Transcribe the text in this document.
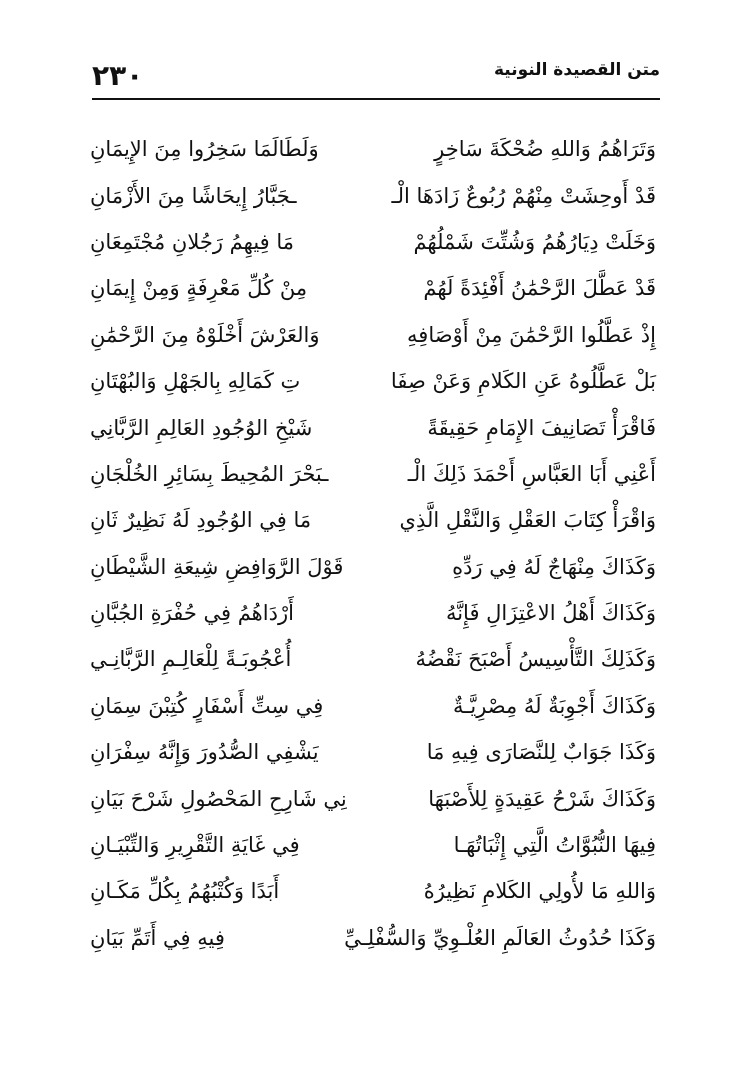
٢٣٠	متن القصيدة النونية
وَتَرَاهُمُ وَاللهِ ضُحْكَةَ سَاخِرٍ
وَلَطَالَمَا سَخِرُوا مِنَ الإِيمَانِ
قَدْ أَوحِشَتْ مِنْهُمْ رُبُوعٌ زَادَهَا الْـ
ـجَبَّارُ إِيحَاشًا مِنَ الأَزْمَانِ
وَخَلَتْ دِيَارُهُمُ وَشُتِّتَ شَمْلُهُمْ
مَا فِيهِمُ رَجُلانِ مُجْتَمِعَانِ
قَدْ عَطَّلَ الرَّحْمَٰنُ أَفْئِدَةً لَهُمْ
مِنْ كُلِّ مَعْرِفَةٍ وَمِنْ إِيمَانِ
إِذْ عَطَّلُوا الرَّحْمَٰنَ مِنْ أَوْصَافِهِ
وَالعَرْشَ أَخْلَوْهُ مِنَ الرَّحْمَٰنِ
بَلْ عَطَّلُوهُ عَنِ الكَلامِ وَعَنْ صِفَا
تِ كَمَالِهِ بِالجَهْلِ وَالبُهْتَانِ
فَاقْرَأْ تَصَانِيفَ الإِمَامِ حَقِيقَةً
شَيْخِ الوُجُودِ العَالِمِ الرَّبَّانِي
أَعْنِي أَبَا العَبَّاسِ أَحْمَدَ ذَلِكَ الْـ
ـبَحْرَ المُحِيطَ بِسَائِرِ الخُلْجَانِ
وَاقْرَأْ كِتَابَ العَقْلِ وَالنَّقْلِ الَّذِي
مَا فِي الوُجُودِ لَهُ نَظِيرٌ ثَانِ
وَكَذَاكَ مِنْهَاجٌ لَهُ فِي رَدِّهِ
قَوْلَ الرَّوَافِضِ شِيعَةِ الشَّيْطَانِ
وَكَذَاكَ أَهْلُ الاعْتِزَالِ فَإِنَّهُ
أَرْدَاهُمُ فِي حُفْرَةِ الجُبَّانِ
وَكَذَلِكَ التَّأْسِيسُ أَصْبَحَ نَقْضُهُ
أُعْجُوبَـةً لِلْعَالِـمِ الرَّبَّانِـي
وَكَذَاكَ أَجْوِبَةٌ لَهُ مِصْرِيَّـةٌ
فِي سِتِّ أَسْفَارٍ كُتِبْنَ سِمَانِ
وَكَذَا جَوَابٌ لِلنَّصَارَى فِيهِ مَا
يَشْفِي الصُّدُورَ وَإِنَّهُ سِفْرَانِ
وَكَذَاكَ شَرْحُ عَقِيدَةٍ لِلأَصْبَهَا
نِي شَارِحِ المَحْصُولِ شَرْحَ بَيَانِ
فِيهَا النُّبُوَّاتُ الَّتِي إِثْبَاتُهَـا
فِي غَايَةِ التَّقْرِيرِ وَالتِّبْيَـانِ
وَاللهِ مَا لأُولِي الكَلامِ نَظِيرُهُ
أَبَدًا وَكُتْبُهُمُ بِكُلِّ مَكَـانِ
وَكَذَا حُدُوثُ العَالَمِ العُلْـوِيِّ وَالسُّفْلِـيِّ
فِيهِ فِي أَتَمِّ بَيَانِ
